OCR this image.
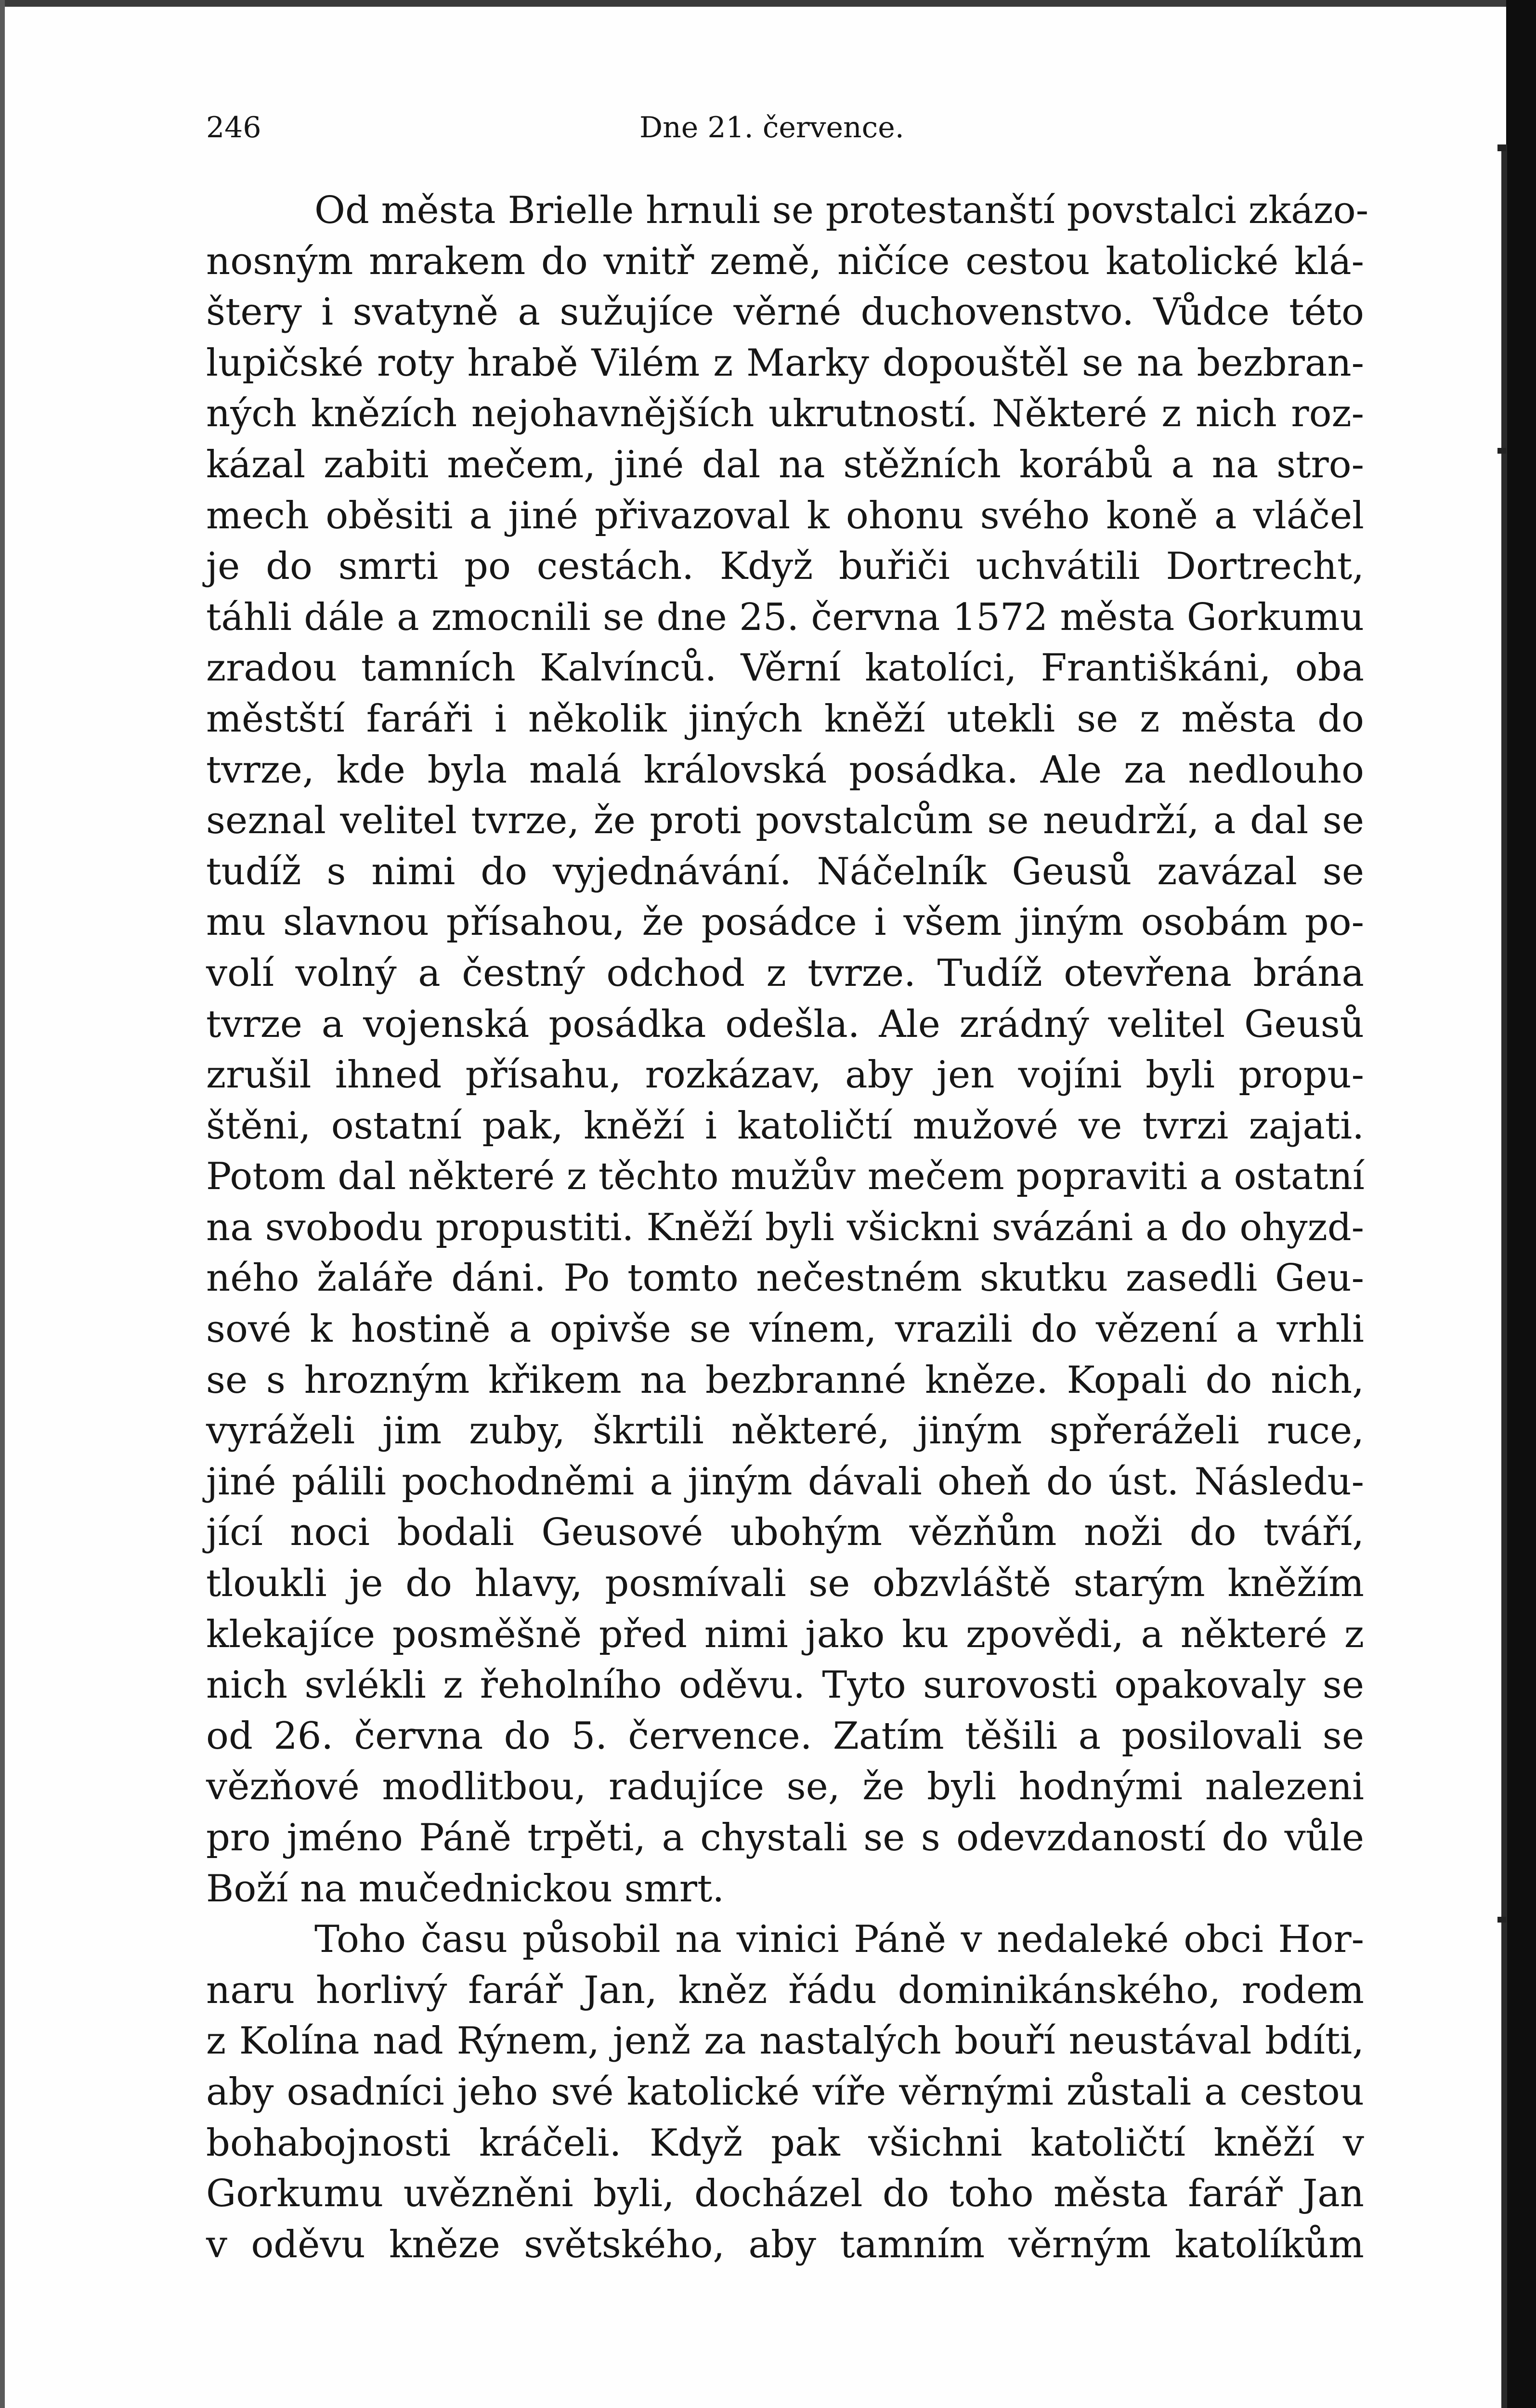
246	Dne 21. července.
Od města Brielle hrnuli se protestanští povstalci zkázo-
nosným mrakem do vnitř země, ničíce cestou katolické klá-
štery i svatyně a sužujíce věrné duchovenstvo. Vůdce této
lupičské roty hrabě Vilém z Marky dopouštěl se na bezbran-
ných knězích nejohavnějších ukrutností. Některé z nich roz-
kázal zabiti mečem, jiné dal na stěžních korábů a na stro-
mech oběsiti a jiné přivazoval k ohonu svého koně a vláčel
je do smrti po cestách. Když buřiči uchvátili Dortrecht,
táhli dále a zmocnili se dne 25. června 1572 města Gorkumu
zradou tamních Kalvínců. Věrní katolíci, Františkáni, oba
městští faráři i několik jiných kněží utekli se z města do
tvrze, kde byla malá královská posádka. Ale za nedlouho
seznal velitel tvrze, že proti povstalcům se neudrží, a dal se
tudíž s nimi do vyjednávání. Náčelník Geusů zavázal se
mu slavnou přísahou, že posádce i všem jiným osobám po-
volí volný a čestný odchod z tvrze. Tudíž otevřena brána
tvrze a vojenská posádka odešla. Ale zrádný velitel Geusů
zrušil ihned přísahu, rozkázav, aby jen vojíni byli propu-
štěni, ostatní pak, kněží i katoličtí mužové ve tvrzi zajati.
Potom dal některé z těchto mužův mečem popraviti a ostatní
na svobodu propustiti. Kněží byli všickni svázáni a do ohyzd-
ného žaláře dáni. Po tomto nečestném skutku zasedli Geu-
sové k hostině a opivše se vínem, vrazili do vězení a vrhli
se s hrozným křikem na bezbranné kněze. Kopali do nich,
vyráželi jim zuby, škrtili některé, jiným spřeráželi ruce,
jiné pálili pochodněmi a jiným dávali oheň do úst. Následu-
jící noci bodali Geusové ubohým vězňům noži do tváří,
tloukli je do hlavy, posmívali se obzvláště starým kněžím
klekajíce posměšně před nimi jako ku zpovědi, a některé z
nich svlékli z řeholního oděvu. Tyto surovosti opakovaly se
od 26. června do 5. července. Zatím těšili a posilovali se
vězňové modlitbou, radujíce se, že byli hodnými nalezeni
pro jméno Páně trpěti, a chystali se s odevzdaností do vůle
Boží na mučednickou smrt.
Toho času působil na vinici Páně v nedaleké obci Hor-
naru horlivý farář Jan, kněz řádu dominikánského, rodem
z Kolína nad Rýnem, jenž za nastalých bouří neustával bdíti,
aby osadníci jeho své katolické víře věrnými zůstali a cestou
bohabojnosti kráčeli. Když pak všichni katoličtí kněží v
Gorkumu uvězněni byli, docházel do toho města farář Jan
v oděvu kněze světského, aby tamním věrným katolíkům
